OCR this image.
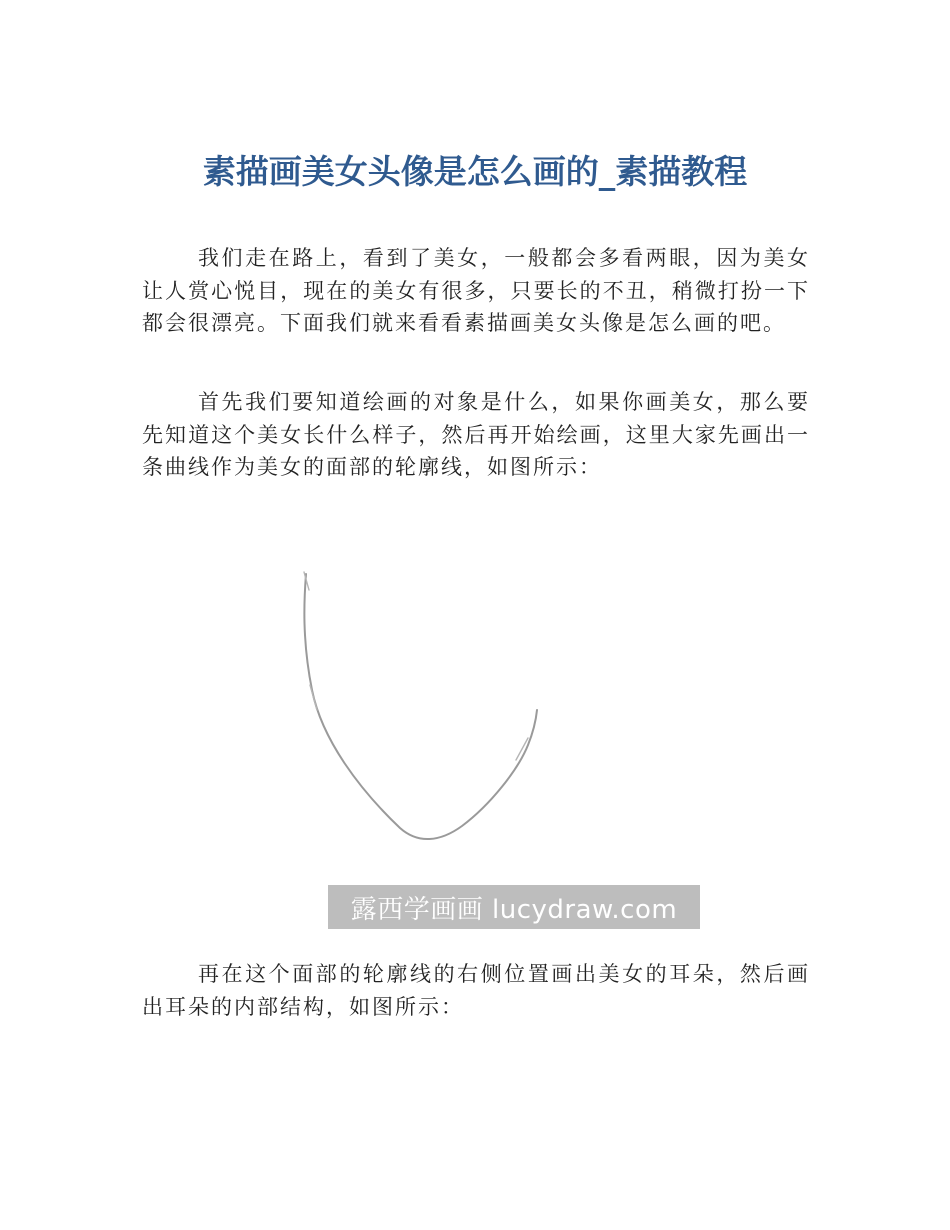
素描画美女头像是怎么画的_素描教程

我们走在路上，看到了美女，一般都会多看两眼，因为美女让人赏心悦目，现在的美女有很多，只要长的不丑，稍微打扮一下都会很漂亮。下面我们就来看看素描画美女头像是怎么画的吧。

首先我们要知道绘画的对象是什么，如果你画美女，那么要先知道这个美女长什么样子，然后再开始绘画，这里大家先画出一条曲线作为美女的面部的轮廓线，如图所示：

露西学画画 lucydraw.com

再在这个面部的轮廓线的右侧位置画出美女的耳朵，然后画出耳朵的内部结构，如图所示：
